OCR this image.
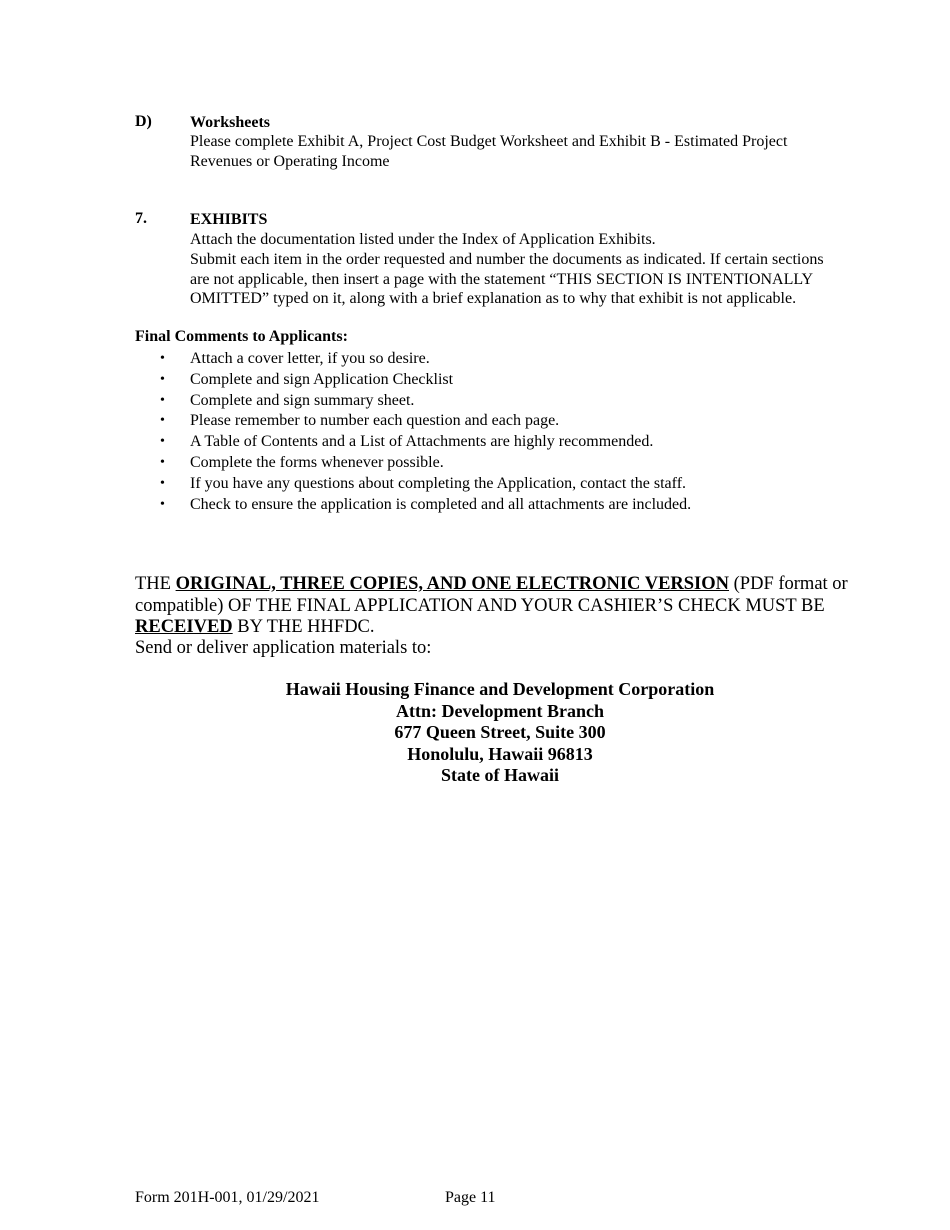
D) Worksheets
Please complete Exhibit A, Project Cost Budget Worksheet and Exhibit B - Estimated Project
Revenues or Operating Income
7.	EXHIBITS
Attach the documentation listed under the Index of Application Exhibits.
Submit each item in the order requested and number the documents as indicated. If certain sections
are not applicable, then insert a page with the statement “THIS SECTION IS INTENTIONALLY
OMITTED” typed on it, along with a brief explanation as to why that exhibit is not applicable.
Final Comments to Applicants:
• Attach a cover letter, if you so desire.
• Complete and sign Application Checklist
• Complete and sign summary sheet.
• Please remember to number each question and each page.
• A Table of Contents and a List of Attachments are highly recommended.
• Complete the forms whenever possible.
• If you have any questions about completing the Application, contact the staff.
• Check to ensure the application is completed and all attachments are included.
THE ORIGINAL, THREE COPIES, AND ONE ELECTRONIC VERSION (PDF format or
compatible) OF THE FINAL APPLICATION AND YOUR CASHIER’S CHECK MUST BE
RECEIVED BY THE HHFDC.
Send or deliver application materials to:
Hawaii Housing Finance and Development Corporation
Attn: Development Branch
677 Queen Street, Suite 300
Honolulu, Hawaii 96813
State of Hawaii
Form 201H-001, 01/29/2021	Page 11
